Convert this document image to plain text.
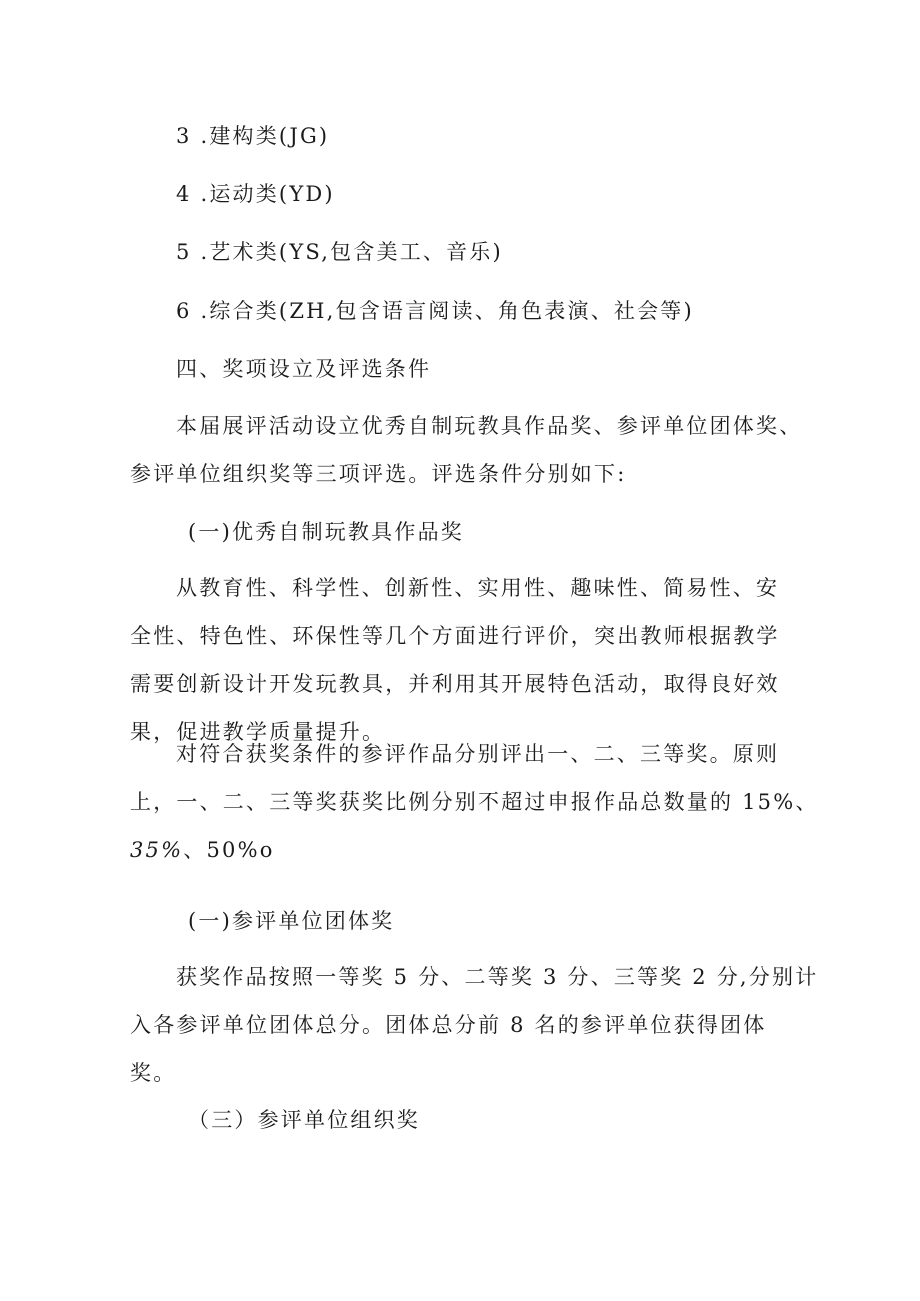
3 .建构类(JG)
4 .运动类(YD)
5 .艺术类(YS,包含美工、音乐)
6 .综合类(ZH,包含语言阅读、角色表演、社会等)
四、奖项设立及评选条件
本届展评活动设立优秀自制玩教具作品奖、参评单位团体奖、
参评单位组织奖等三项评选。评选条件分别如下:
(一)优秀自制玩教具作品奖
从教育性、科学性、创新性、实用性、趣味性、简易性、安
全性、特色性、环保性等几个方面进行评价，突出教师根据教学
需要创新设计开发玩教具，并利用其开展特色活动，取得良好效
果，促进教学质量提升。
对符合获奖条件的参评作品分别评出一、二、三等奖。原则
上，一、二、三等奖获奖比例分别不超过申报作品总数量的 15%、
35%、50%o
(一)参评单位团体奖
获奖作品按照一等奖 5 分、二等奖 3 分、三等奖 2 分,分别计
入各参评单位团体总分。团体总分前 8 名的参评单位获得团体
奖。
（三）参评单位组织奖
